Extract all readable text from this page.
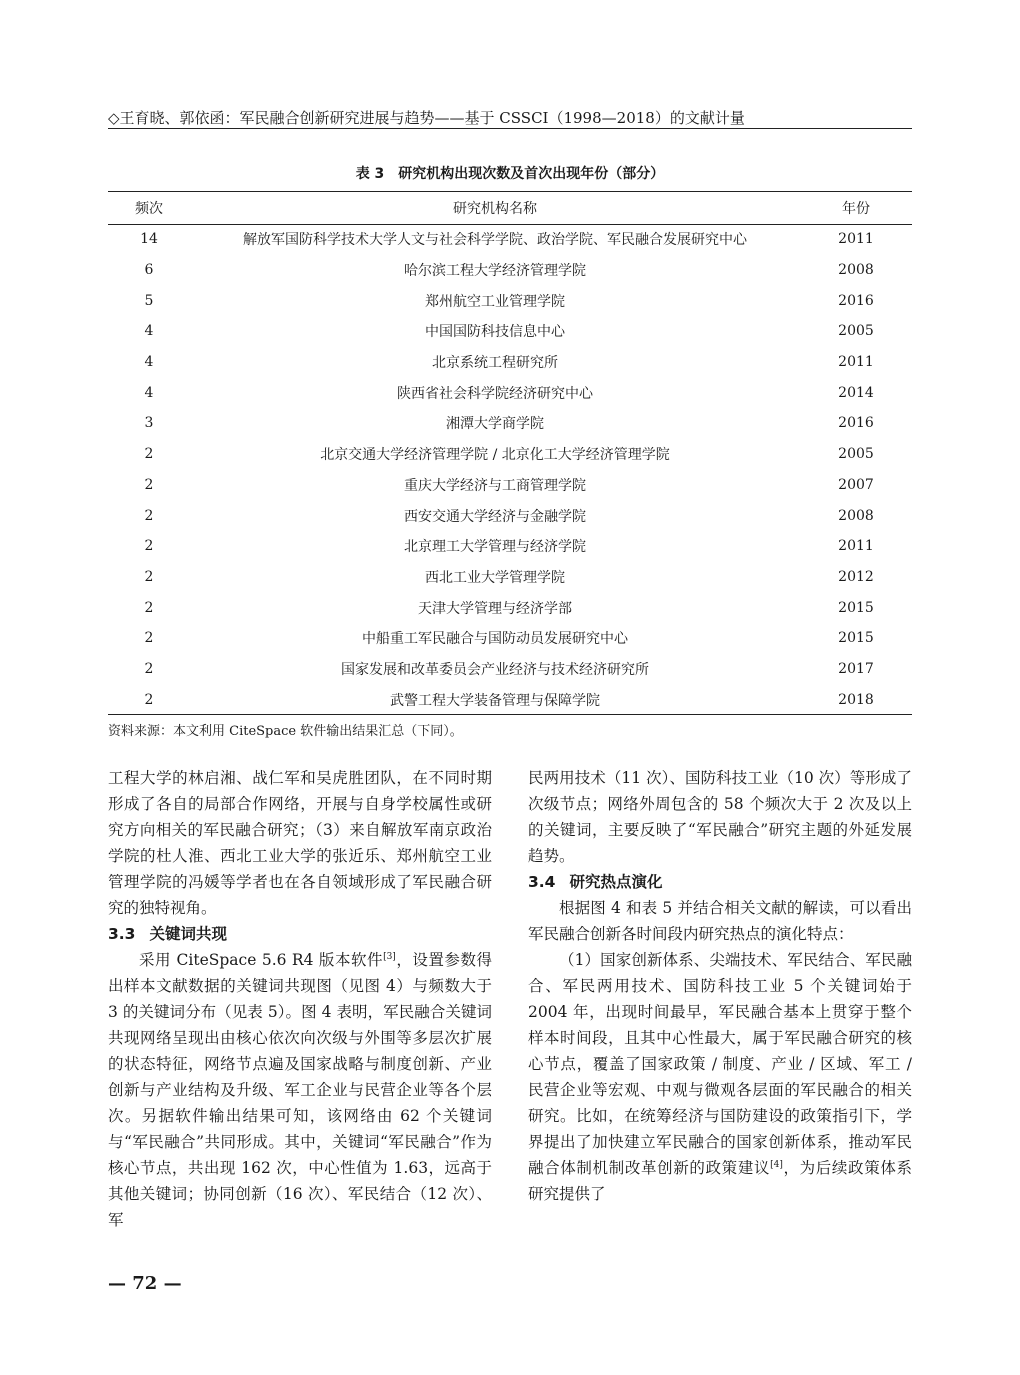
◇王育晓、郭依函：军民融合创新研究进展与趋势——基于 CSSCI（1998—2018）的文献计量
表 3　研究机构出现次数及首次出现年份（部分）
频次	研究机构名称	年份
14	解放军国防科学技术大学人文与社会科学学院、政治学院、军民融合发展研究中心	2011
6	哈尔滨工程大学经济管理学院	2008
5	郑州航空工业管理学院	2016
4	中国国防科技信息中心	2005
4	北京系统工程研究所	2011
4	陕西省社会科学院经济研究中心	2014
3	湘潭大学商学院	2016
2	北京交通大学经济管理学院 / 北京化工大学经济管理学院	2005
2	重庆大学经济与工商管理学院	2007
2	西安交通大学经济与金融学院	2008
2	北京理工大学管理与经济学院	2011
2	西北工业大学管理学院	2012
2	天津大学管理与经济学部	2015
2	中船重工军民融合与国防动员发展研究中心	2015
2	国家发展和改革委员会产业经济与技术经济研究所	2017
2	武警工程大学装备管理与保障学院	2018
资料来源：本文利用 CiteSpace 软件输出结果汇总（下同）。

工程大学的林启湘、战仁军和吴虎胜团队，在不同时期形成了各自的局部合作网络，开展与自身学校属性或研究方向相关的军民融合研究；（3）来自解放军南京政治学院的杜人淮、西北工业大学的张近乐、郑州航空工业管理学院的冯媛等学者也在各自领域形成了军民融合研究的独特视角。

3.3 关键词共现

采用 CiteSpace 5.6 R4 版本软件[3]，设置参数得出样本文献数据的关键词共现图（见图 4）与频数大于 3 的关键词分布（见表 5）。图 4 表明，军民融合关键词共现网络呈现出由核心依次向次级与外围等多层次扩展的状态特征，网络节点遍及国家战略与制度创新、产业创新与产业结构及升级、军工企业与民营企业等各个层次。另据软件输出结果可知，该网络由 62 个关键词与“军民融合”共同形成。其中，关键词“军民融合”作为核心节点，共出现 162 次，中心性值为 1.63，远高于其他关键词；协同创新（16 次）、军民结合（12 次）、军

民两用技术（11 次）、国防科技工业（10 次）等形成了次级节点；网络外周包含的 58 个频次大于 2 次及以上的关键词，主要反映了“军民融合”研究主题的外延发展趋势。

3.4 研究热点演化

根据图 4 和表 5 并结合相关文献的解读，可以看出军民融合创新各时间段内研究热点的演化特点：

（1）国家创新体系、尖端技术、军民结合、军民融合、军民两用技术、国防科技工业 5 个关键词始于 2004 年，出现时间最早，军民融合基本上贯穿于整个样本时间段，且其中心性最大，属于军民融合研究的核心节点，覆盖了国家政策 / 制度、产业 / 区域、军工 / 民营企业等宏观、中观与微观各层面的军民融合的相关研究。比如，在统筹经济与国防建设的政策指引下，学界提出了加快建立军民融合的国家创新体系，推动军民融合体制机制改革创新的政策建议[4]，为后续政策体系研究提供了

— 72 —
